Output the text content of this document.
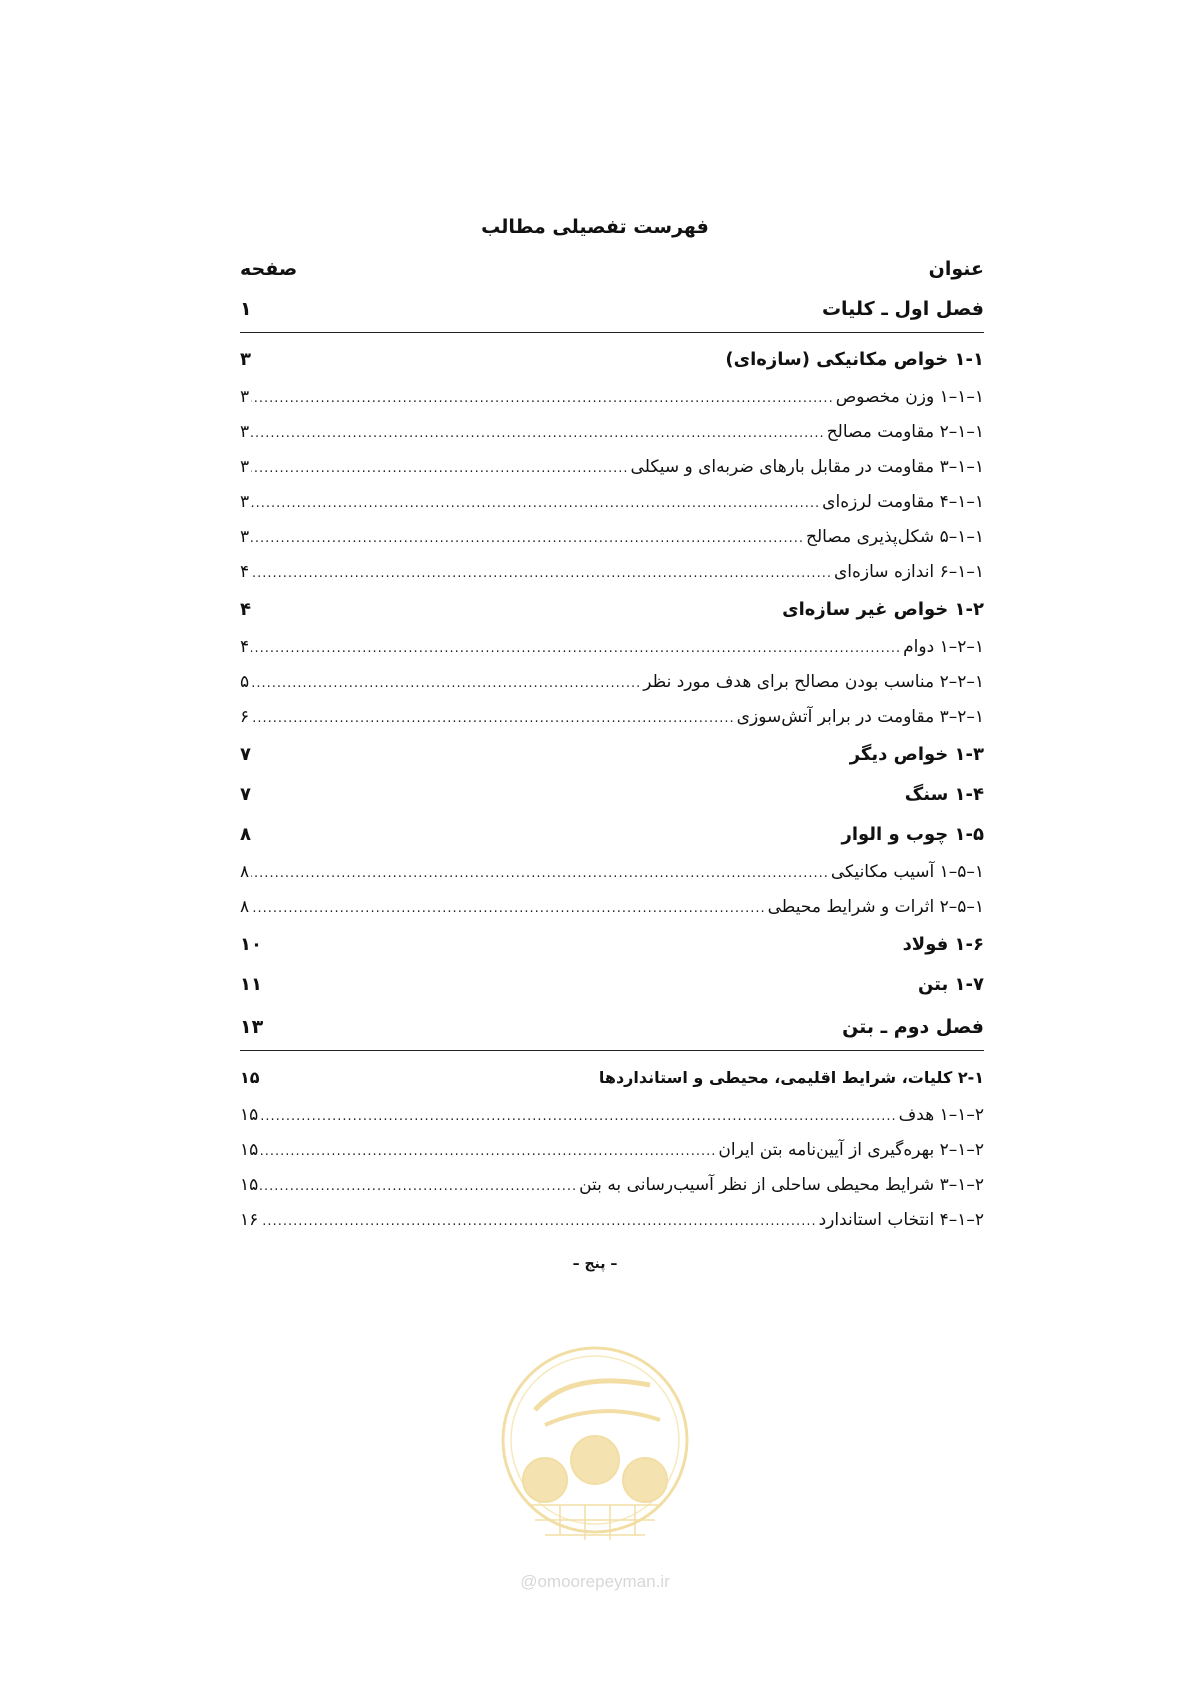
فهرست تفصیلی مطالب
عنوان
صفحه
فصل اول ـ کلیات
۱
۱-۱ خواص مکانیکی (سازه‌ای)
۳
۱–۱–۱ وزن مخصوص
.....
۳
۱–۱–۲ مقاومت مصالح
.....
۳
۱–۱–۳ مقاومت در مقابل بارهای ضربه‌ای و سیکلی
.....
۳
۱–۱–۴ مقاومت لرزه‌ای
.....
۳
۱–۱–۵ شکل‌پذیری مصالح
.....
۳
۱–۱–۶ اندازه سازه‌ای
.....
۴
۱-۲ خواص غیر سازه‌ای
۴
۱–۲–۱ دوام
.....
۴
۱–۲–۲ مناسب بودن مصالح برای هدف مورد نظر
.....
۵
۱–۲–۳ مقاومت در برابر آتش‌سوزی
.....
۶
۱-۳ خواص دیگر
۷
۱-۴ سنگ
۷
۱-۵ چوب و الوار
۸
۱–۵–۱ آسیب مکانیکی
.....
۸
۱–۵–۲ اثرات و شرایط محیطی
.....
۸
۱-۶ فولاد
۱۰
۱-۷ بتن
۱۱
فصل دوم ـ بتن
۱۳
۲-۱ کلیات، شرایط اقلیمی، محیطی و استانداردها
۱۵
۲–۱–۱ هدف
.....
۱۵
۲–۱–۲ بهره‌گیری از آیین‌نامه بتن ایران
.....
۱۵
۲–۱–۳ شرایط محیطی ساحلی از نظر آسیب‌رسانی به بتن
.....
۱۵
۲–۱–۴ انتخاب استاندارد
.....
۱۶
– پنج –
@omoorepeyman.ir
